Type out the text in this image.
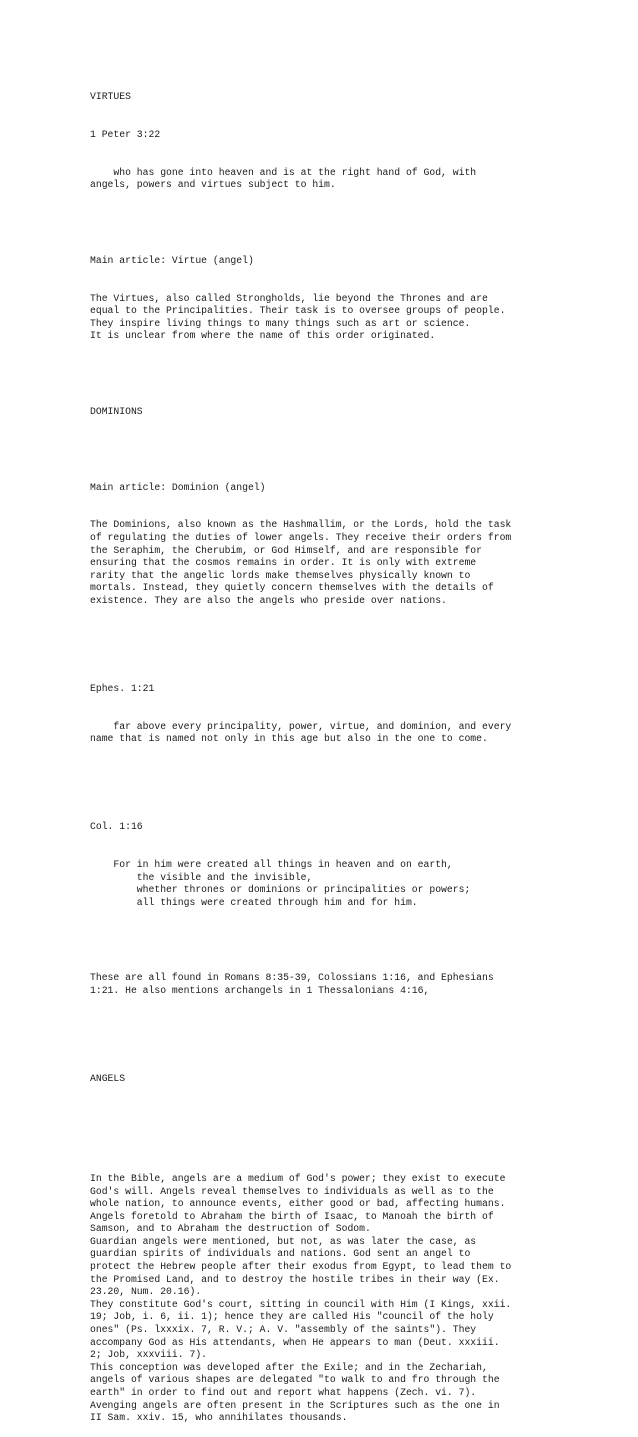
VIRTUES

1 Peter 3:22

who has gone into heaven and is at the right hand of God, with
angels, powers and virtues subject to him.

Main article: Virtue (angel)

The Virtues, also called Strongholds, lie beyond the Thrones and are
equal to the Principalities. Their task is to oversee groups of people.
They inspire living things to many things such as art or science.
It is unclear from where the name of this order originated.

DOMINIONS

Main article: Dominion (angel)

The Dominions, also known as the Hashmallim, or the Lords, hold the task
of regulating the duties of lower angels. They receive their orders from
the Seraphim, the Cherubim, or God Himself, and are responsible for
ensuring that the cosmos remains in order. It is only with extreme
rarity that the angelic lords make themselves physically known to
mortals. Instead, they quietly concern themselves with the details of
existence. They are also the angels who preside over nations.

Ephes. 1:21

far above every principality, power, virtue, and dominion, and every
name that is named not only in this age but also in the one to come.

Col. 1:16

For in him were created all things in heaven and on earth,
the visible and the invisible,
whether thrones or dominions or principalities or powers;
all things were created through him and for him.

These are all found in Romans 8:35-39, Colossians 1:16, and Ephesians
1:21. He also mentions archangels in 1 Thessalonians 4:16,

ANGELS

In the Bible, angels are a medium of God's power; they exist to execute
God's will. Angels reveal themselves to individuals as well as to the
whole nation, to announce events, either good or bad, affecting humans.
Angels foretold to Abraham the birth of Isaac, to Manoah the birth of
Samson, and to Abraham the destruction of Sodom.
Guardian angels were mentioned, but not, as was later the case, as
guardian spirits of individuals and nations. God sent an angel to
protect the Hebrew people after their exodus from Egypt, to lead them to
the Promised Land, and to destroy the hostile tribes in their way (Ex.
23.20, Num. 20.16).
They constitute God's court, sitting in council with Him (I Kings, xxii.
19; Job, i. 6, ii. 1); hence they are called His "council of the holy
ones" (Ps. lxxxix. 7, R. V.; A. V. "assembly of the saints"). They
accompany God as His attendants, when He appears to man (Deut. xxxiii.
2; Job, xxxviii. 7).
This conception was developed after the Exile; and in the Zechariah,
angels of various shapes are delegated "to walk to and fro through the
earth" in order to find out and report what happens (Zech. vi. 7).
Avenging angels are often present in the Scriptures such as the one in
II Sam. xxiv. 15, who annihilates thousands.
